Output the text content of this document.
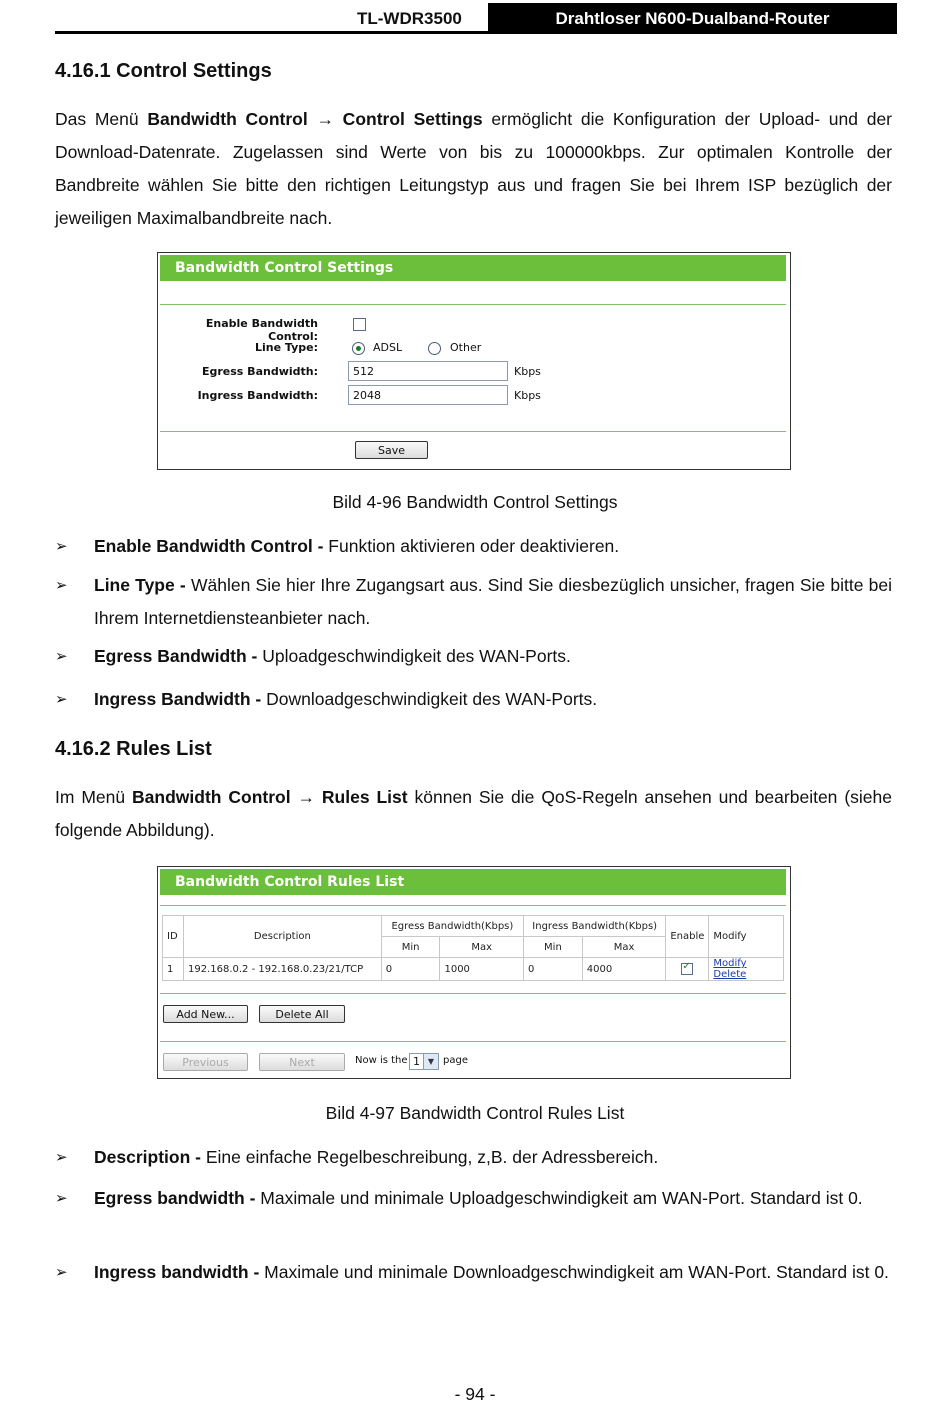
TL-WDR3500	Drahtloser N600-Dualband-Router
4.16.1 Control Settings

Das Menü Bandwidth Control → Control Settings ermöglicht die Konfiguration der Upload- und der Download-Datenrate. Zugelassen sind Werte von bis zu 100000kbps. Zur optimalen Kontrolle der Bandbreite wählen Sie bitte den richtigen Leitungstyp aus und fragen Sie bei Ihrem ISP bezüglich der jeweiligen Maximalbandbreite nach.

Bandwidth Control Settings
Enable Bandwidth Control:
Line Type:	ADSL	Other
Egress Bandwidth:	512	Kbps
Ingress Bandwidth:	2048	Kbps
Save
Bild 4-96 Bandwidth Control Settings
➢ Enable Bandwidth Control - Funktion aktivieren oder deaktivieren.

➢ Line Type - Wählen Sie hier Ihre Zugangsart aus. Sind Sie diesbezüglich unsicher, fragen Sie bitte bei Ihrem Internetdiensteanbieter nach.

➢ Egress Bandwidth - Uploadgeschwindigkeit des WAN-Ports.

➢ Ingress Bandwidth - Downloadgeschwindigkeit des WAN-Ports.

4.16.2 Rules List

Im Menü Bandwidth Control → Rules List können Sie die QoS-Regeln ansehen und bearbeiten (siehe folgende Abbildung).

Bandwidth Control Rules List
ID	Description	Egress Bandwidth(Kbps)		Ingress Bandwidth(Kbps)		Enable	Modify
		Min	Max	Min	Max		
1	192.168.0.2 - 192.168.0.23/21/TCP	0	1000	0	4000	✓	Modify Delete
Add New...	Delete All
Previous	Next	Now is the 1 ▼ page
Bild 4-97 Bandwidth Control Rules List
➢ Description - Eine einfache Regelbeschreibung, z,B. der Adressbereich.

➢ Egress bandwidth - Maximale und minimale Uploadgeschwindigkeit am WAN-Port. Standard ist 0.

➢ Ingress bandwidth - Maximale und minimale Downloadgeschwindigkeit am WAN-Port. Standard ist 0.

- 94 -
